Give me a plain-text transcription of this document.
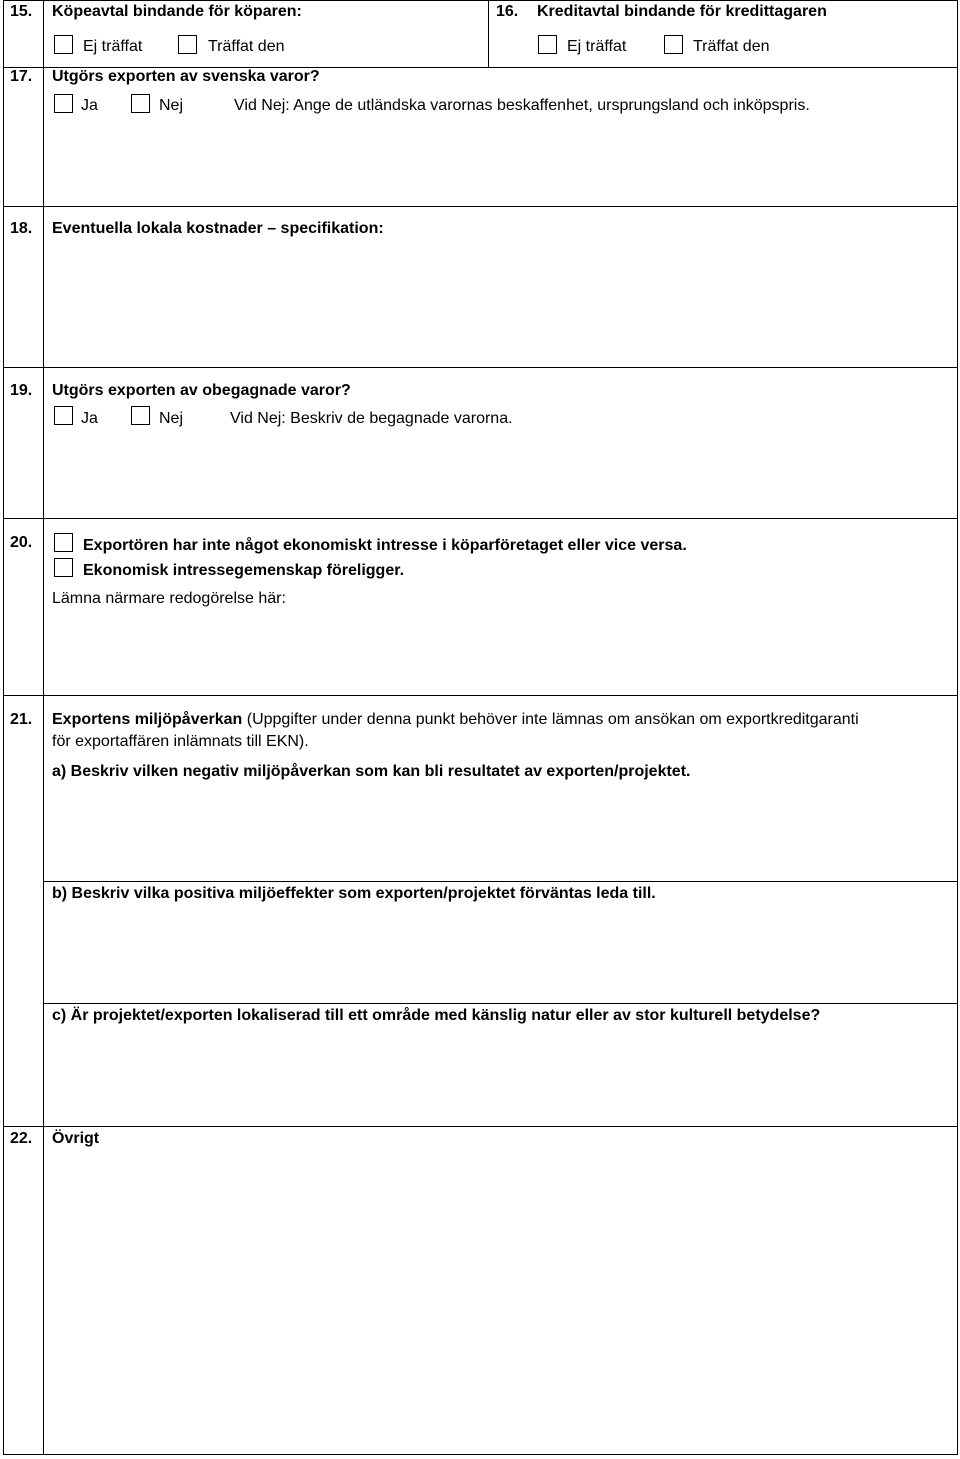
15. Köpeavtal bindande för köparen:
Ej träffat	Träffat den
16. Kreditavtal bindande för kredittagaren
Ej träffat	Träffat den
17. Utgörs exporten av svenska varor?
Ja	Nej	Vid Nej: Ange de utländska varornas beskaffenhet, ursprungsland och inköpspris.
18. Eventuella lokala kostnader – specifikation:
19. Utgörs exporten av obegagnade varor?
Ja	Nej	Vid Nej: Beskriv de begagnade varorna.
20.	Exportören har inte något ekonomiskt intresse i köparföretaget eller vice versa.
Ekonomisk intressegemenskap föreligger.
Lämna närmare redogörelse här:
21. Exportens miljöpåverkan (Uppgifter under denna punkt behöver inte lämnas om ansökan om exportkreditgaranti
för exportaffären inlämnats till EKN).
a) Beskriv vilken negativ miljöpåverkan som kan bli resultatet av exporten/projektet.
b) Beskriv vilka positiva miljöeffekter som exporten/projektet förväntas leda till.
c) Är projektet/exporten lokaliserad till ett område med känslig natur eller av stor kulturell betydelse?
22. Övrigt
